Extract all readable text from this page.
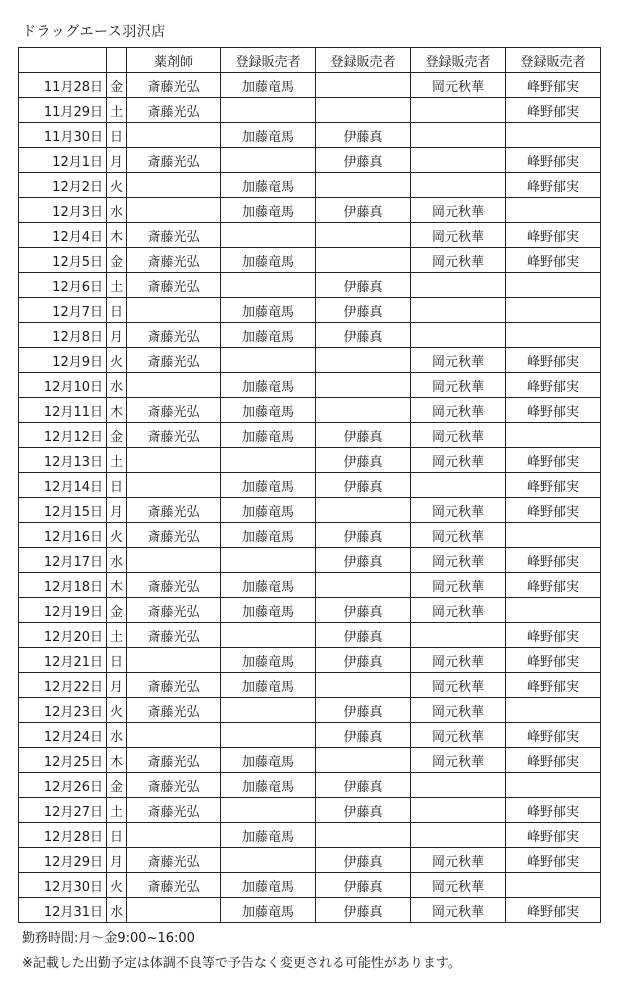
ドラッグエース羽沢店
		薬剤師	登録販売者	登録販売者	登録販売者	登録販売者
11月28日	金	斎藤光弘	加藤竜馬		岡元秋華	峰野郁実
11月29日	土	斎藤光弘				峰野郁実
11月30日	日		加藤竜馬	伊藤真		
12月1日	月	斎藤光弘		伊藤真		峰野郁実
12月2日	火		加藤竜馬			峰野郁実
12月3日	水		加藤竜馬	伊藤真	岡元秋華	
12月4日	木	斎藤光弘			岡元秋華	峰野郁実
12月5日	金	斎藤光弘	加藤竜馬		岡元秋華	峰野郁実
12月6日	土	斎藤光弘		伊藤真		
12月7日	日		加藤竜馬	伊藤真		
12月8日	月	斎藤光弘	加藤竜馬	伊藤真		
12月9日	火	斎藤光弘			岡元秋華	峰野郁実
12月10日	水		加藤竜馬		岡元秋華	峰野郁実
12月11日	木	斎藤光弘	加藤竜馬		岡元秋華	峰野郁実
12月12日	金	斎藤光弘	加藤竜馬	伊藤真	岡元秋華	
12月13日	土			伊藤真	岡元秋華	峰野郁実
12月14日	日		加藤竜馬	伊藤真		峰野郁実
12月15日	月	斎藤光弘	加藤竜馬		岡元秋華	峰野郁実
12月16日	火	斎藤光弘	加藤竜馬	伊藤真	岡元秋華	
12月17日	水			伊藤真	岡元秋華	峰野郁実
12月18日	木	斎藤光弘	加藤竜馬		岡元秋華	峰野郁実
12月19日	金	斎藤光弘	加藤竜馬	伊藤真	岡元秋華	
12月20日	土	斎藤光弘		伊藤真		峰野郁実
12月21日	日		加藤竜馬	伊藤真	岡元秋華	峰野郁実
12月22日	月	斎藤光弘	加藤竜馬		岡元秋華	峰野郁実
12月23日	火	斎藤光弘		伊藤真	岡元秋華	
12月24日	水			伊藤真	岡元秋華	峰野郁実
12月25日	木	斎藤光弘	加藤竜馬		岡元秋華	峰野郁実
12月26日	金	斎藤光弘	加藤竜馬	伊藤真		
12月27日	土	斎藤光弘		伊藤真		峰野郁実
12月28日	日		加藤竜馬			峰野郁実
12月29日	月	斎藤光弘		伊藤真	岡元秋華	峰野郁実
12月30日	火	斎藤光弘	加藤竜馬	伊藤真	岡元秋華	
12月31日	水		加藤竜馬	伊藤真	岡元秋華	峰野郁実
勤務時間:月～金9:00~16:00
※記載した出勤予定は体調不良等で予告なく変更される可能性があります。
